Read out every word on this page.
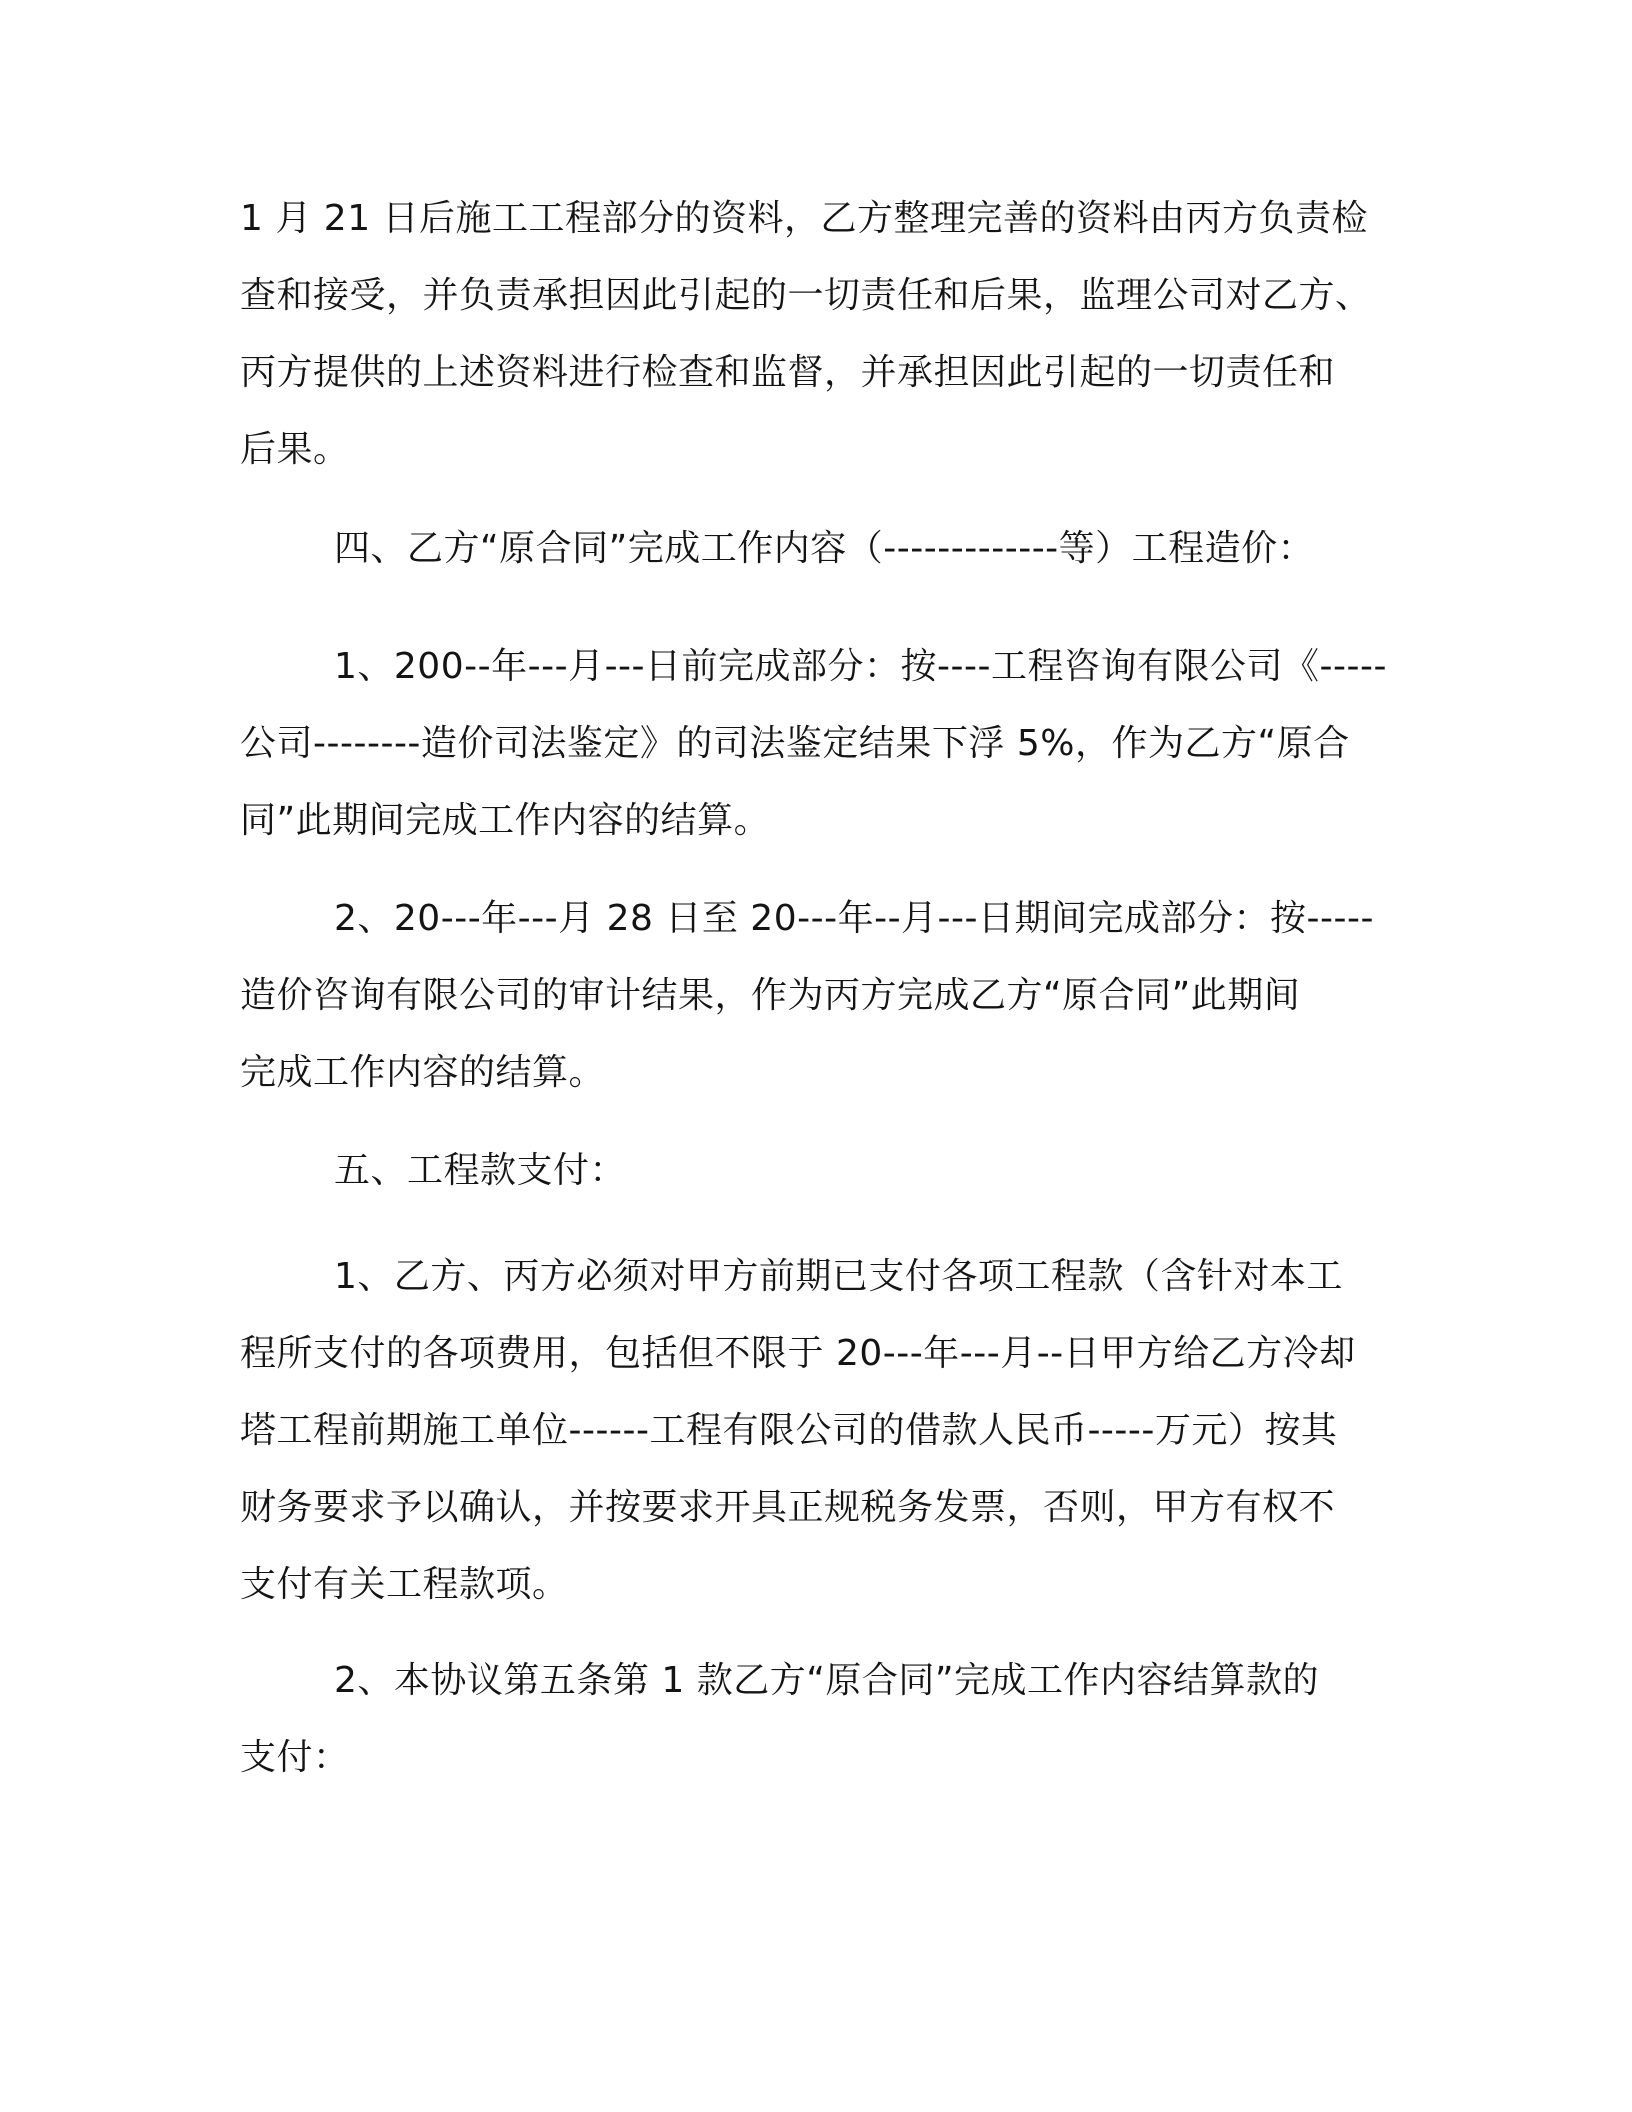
1 月 21 日后施工工程部分的资料，乙方整理完善的资料由丙方负责检
查和接受，并负责承担因此引起的一切责任和后果，监理公司对乙方、
丙方提供的上述资料进行检查和监督，并承担因此引起的一切责任和
后果。
四、乙方“原合同”完成工作内容（-------------等）工程造价：
1、200--年---月---日前完成部分：按----工程咨询有限公司《-----
公司--------造价司法鉴定》的司法鉴定结果下浮 5%，作为乙方“原合
同”此期间完成工作内容的结算。
2、20---年---月 28 日至 20---年--月---日期间完成部分：按-----
造价咨询有限公司的审计结果，作为丙方完成乙方“原合同”此期间
完成工作内容的结算。
五、工程款支付：
1、乙方、丙方必须对甲方前期已支付各项工程款（含针对本工
程所支付的各项费用，包括但不限于 20---年---月--日甲方给乙方冷却
塔工程前期施工单位------工程有限公司的借款人民币-----万元）按其
财务要求予以确认，并按要求开具正规税务发票，否则，甲方有权不
支付有关工程款项。
2、本协议第五条第 1 款乙方“原合同”完成工作内容结算款的
支付：
